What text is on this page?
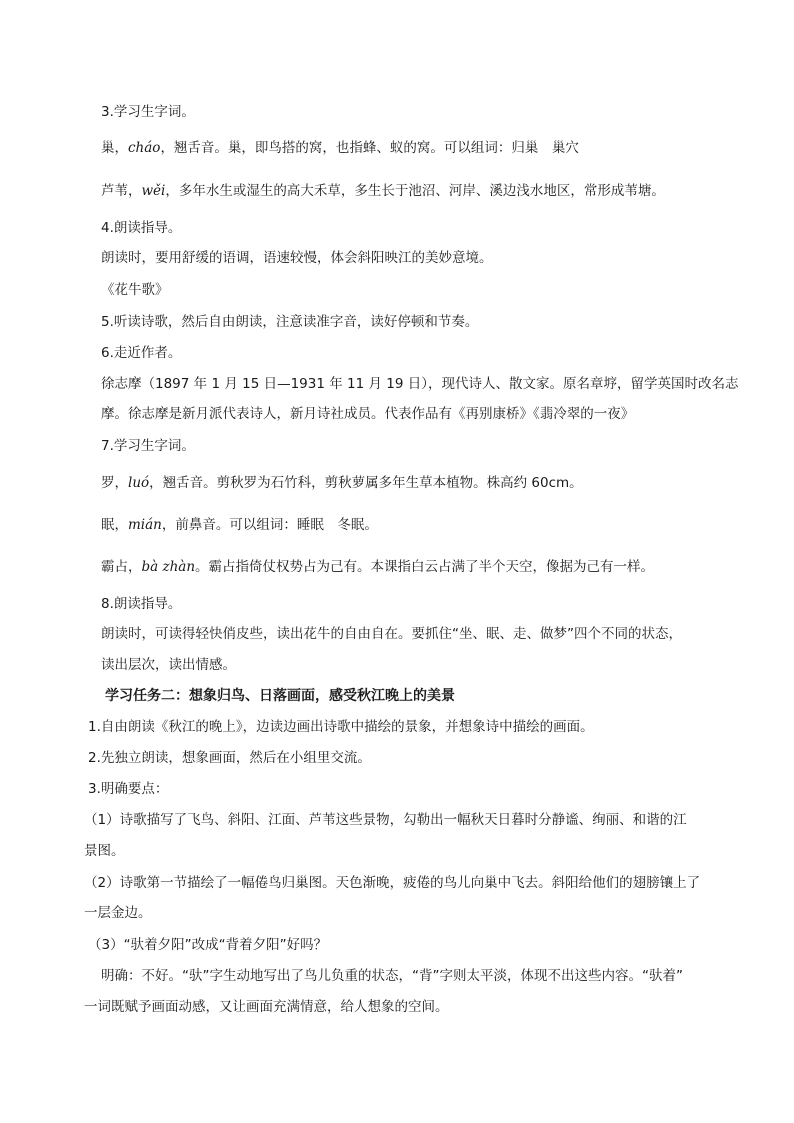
3.学习生字词。
巢，cháo，翘舌音。巢，即鸟搭的窝，也指蜂、蚁的窝。可以组词：归巢　巢穴
芦苇，wěi，多年水生或湿生的高大禾草，多生长于池沼、河岸、溪边浅水地区，常形成苇塘。
4.朗读指导。
朗读时，要用舒缓的语调，语速较慢，体会斜阳映江的美妙意境。
《花牛歌》
5.听读诗歌，然后自由朗读，注意读准字音，读好停顿和节奏。
6.走近作者。
徐志摩（1897 年 1 月 15 日—1931 年 11 月 19 日），现代诗人、散文家。原名章垿，留学英国时改名志
摩。徐志摩是新月派代表诗人，新月诗社成员。代表作品有《再别康桥》《翡冷翠的一夜》
7.学习生字词。
罗，luó，翘舌音。剪秋罗为石竹科，剪秋萝属多年生草本植物。株高约 60cm。
眠，mián，前鼻音。可以组词：睡眠　冬眠。
霸占，bà zhàn。霸占指倚仗权势占为己有。本课指白云占满了半个天空，像据为己有一样。
8.朗读指导。
朗读时，可读得轻快俏皮些，读出花牛的自由自在。要抓住“坐、眠、走、做梦”四个不同的状态，
读出层次，读出情感。
学习任务二：想象归鸟、日落画面，感受秋江晚上的美景
1.自由朗读《秋江的晚上》，边读边画出诗歌中描绘的景象，并想象诗中描绘的画面。
2.先独立朗读，想象画面，然后在小组里交流。
3.明确要点：
（1）诗歌描写了飞鸟、斜阳、江面、芦苇这些景物，勾勒出一幅秋天日暮时分静谧、绚丽、和谐的江
景图。
（2）诗歌第一节描绘了一幅倦鸟归巢图。天色渐晚，疲倦的鸟儿向巢中飞去。斜阳给他们的翅膀镶上了
一层金边。
（3）“驮着夕阳”改成“背着夕阳”好吗？
明确：不好。“驮”字生动地写出了鸟儿负重的状态，“背”字则太平淡，体现不出这些内容。“驮着”
一词既赋予画面动感，又让画面充满情意，给人想象的空间。
